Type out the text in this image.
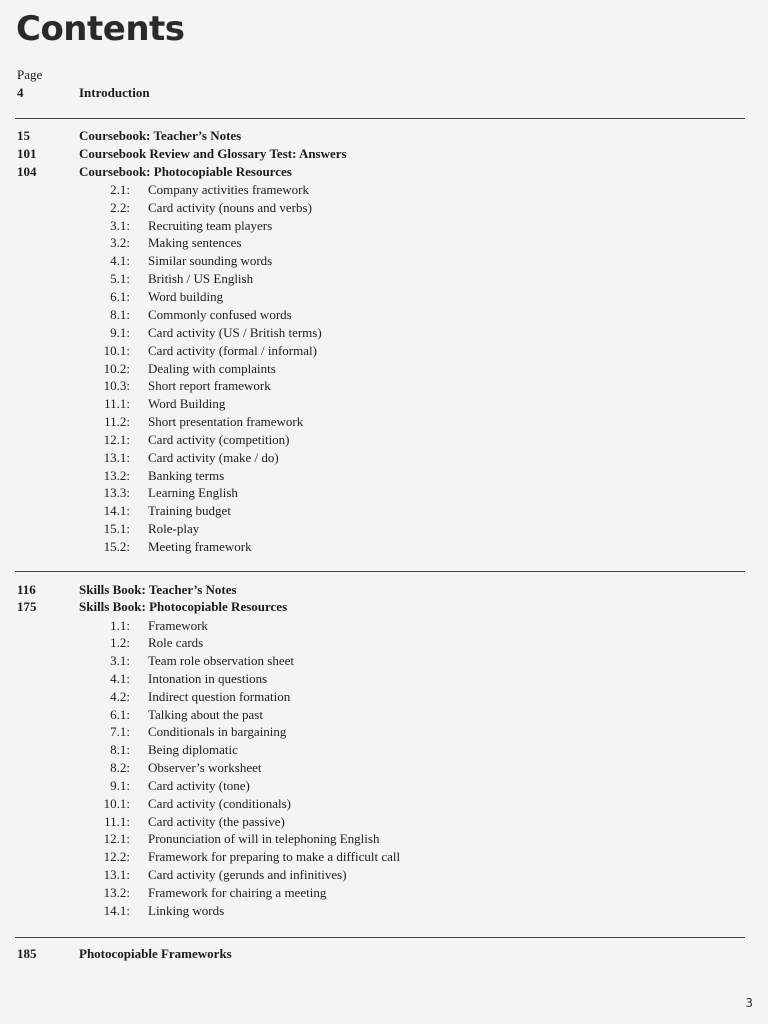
Contents
Page
4	Introduction
15	Coursebook: Teacher’s Notes
101	Coursebook Review and Glossary Test: Answers
104	Coursebook: Photocopiable Resources
2.1:	Company activities framework
2.2:	Card activity (nouns and verbs)
3.1:	Recruiting team players
3.2:	Making sentences
4.1:	Similar sounding words
5.1:	British / US English
6.1:	Word building
8.1:	Commonly confused words
9.1:	Card activity (US / British terms)
10.1:	Card activity (formal / informal)
10.2:	Dealing with complaints
10.3:	Short report framework
11.1:	Word Building
11.2:	Short presentation framework
12.1:	Card activity (competition)
13.1:	Card activity (make / do)
13.2:	Banking terms
13.3:	Learning English
14.1:	Training budget
15.1:	Role-play
15.2:	Meeting framework
116	Skills Book: Teacher’s Notes
175	Skills Book: Photocopiable Resources
1.1:	Framework
1.2:	Role cards
3.1:	Team role observation sheet
4.1:	Intonation in questions
4.2:	Indirect question formation
6.1:	Talking about the past
7.1:	Conditionals in bargaining
8.1:	Being diplomatic
8.2:	Observer’s worksheet
9.1:	Card activity (tone)
10.1:	Card activity (conditionals)
11.1:	Card activity (the passive)
12.1:	Pronunciation of will in telephoning English
12.2:	Framework for preparing to make a difficult call
13.1:	Card activity (gerunds and infinitives)
13.2:	Framework for chairing a meeting
14.1:	Linking words
185	Photocopiable Frameworks
3
